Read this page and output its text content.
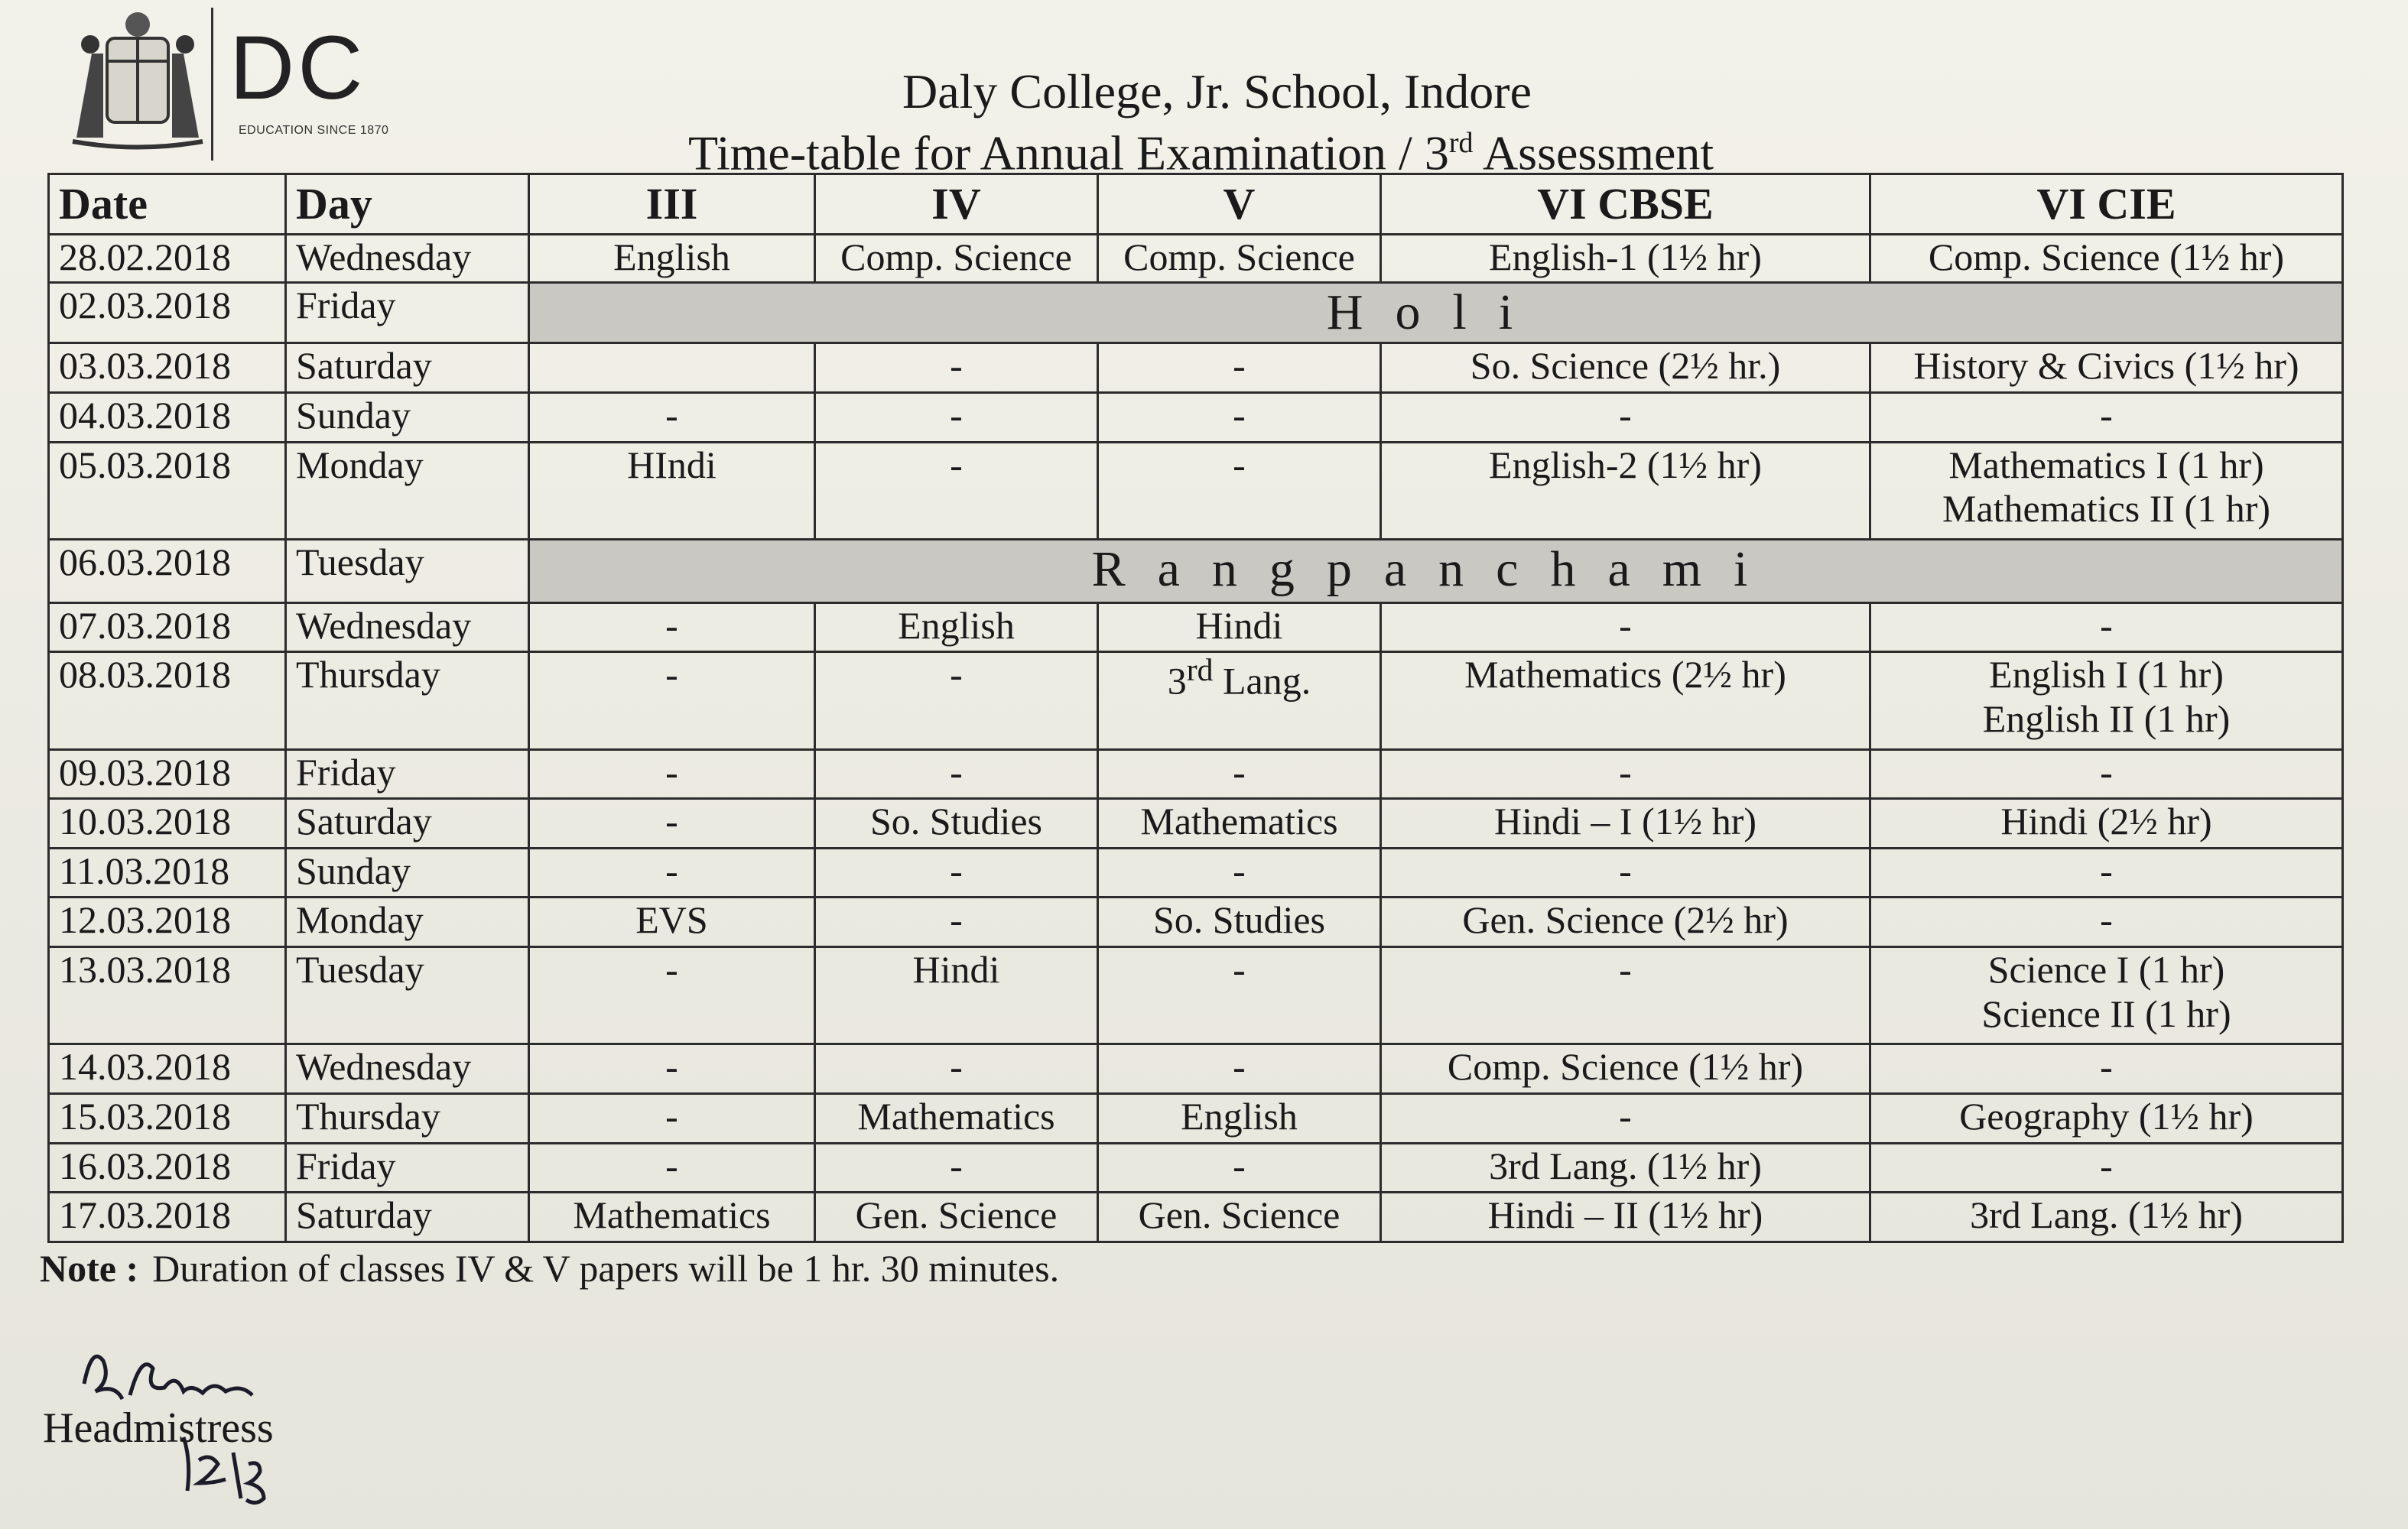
DC
EDUCATION SINCE 1870
Daly College, Jr. School, Indore
Time-table for Annual Examination / 3rd Assessment
Date	Day	III	IV	V	VI CBSE	VI CIE
28.02.2018	Wednesday	English	Comp. Science	Comp. Science	English-1 (1½ hr)	Comp. Science (1½ hr)
02.03.2018	Friday	Holi				
03.03.2018	Saturday		-	-	So. Science (2½ hr.)	History & Civics (1½ hr)
04.03.2018	Sunday	-	-	-	-	-
05.03.2018	Monday	HIndi	-	-	English-2 (1½ hr)	Mathematics I (1 hr)
Mathematics II (1 hr)

06.03.2018	Tuesday	Rangpanchami				
07.03.2018	Wednesday	-	English	Hindi	-	-
08.03.2018	Thursday	-	-	3rd Lang.	Mathematics (2½ hr)	English I (1 hr)
English II (1 hr)

09.03.2018	Friday	-	-	-	-	-
10.03.2018	Saturday	-	So. Studies	Mathematics	Hindi – I (1½ hr)	Hindi (2½ hr)
11.03.2018	Sunday	-	-	-	-	-
12.03.2018	Monday	EVS	-	So. Studies	Gen. Science (2½ hr)	-
13.03.2018	Tuesday	-	Hindi	-	-	Science I (1 hr)
Science II (1 hr)

14.03.2018	Wednesday	-	-	-	Comp. Science (1½ hr)	-
15.03.2018	Thursday	-	Mathematics	English	-	Geography (1½ hr)
16.03.2018	Friday	-	-	-	3rd Lang. (1½ hr)	-
17.03.2018	Saturday	Mathematics	Gen. Science	Gen. Science	Hindi – II (1½ hr)	3rd Lang. (1½ hr)
Note : Duration of classes IV & V papers will be 1 hr. 30 minutes.
Headmistress
